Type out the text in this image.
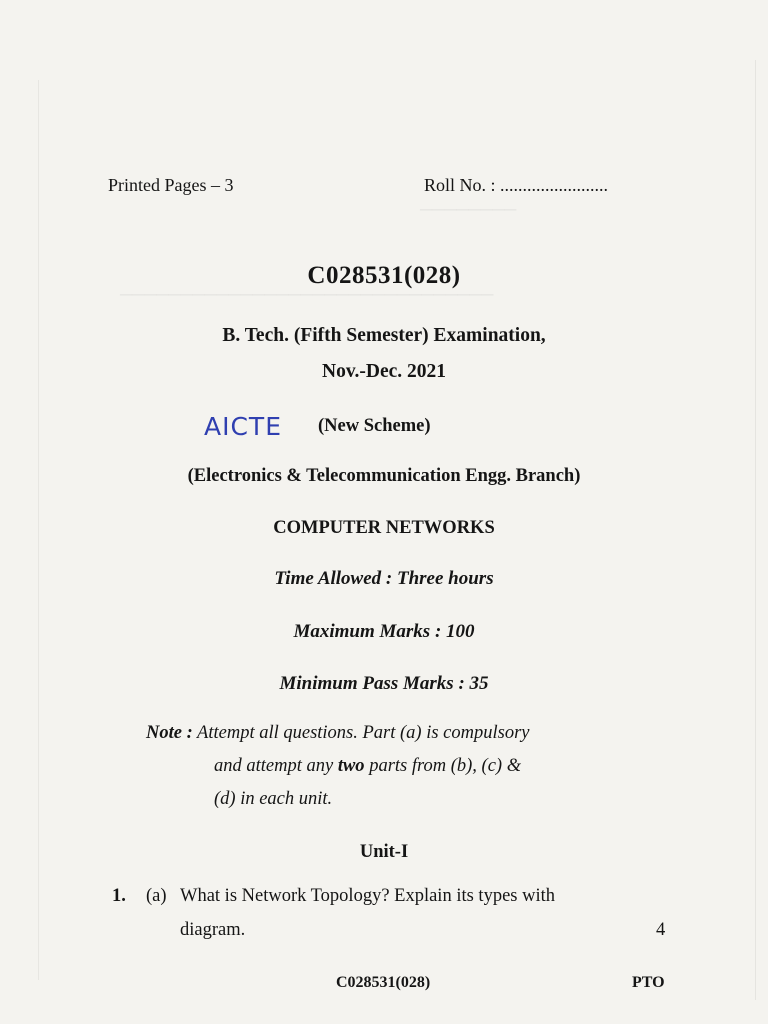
────────
───────────────────────────────
Printed Pages – 3	Roll No. : ........................
C028531(028)
B. Tech. (Fifth Semester) Examination,
Nov.-Dec. 2021
AICTE (New Scheme)
(Electronics & Telecommunication Engg. Branch)
COMPUTER NETWORKS
Time Allowed : Three hours
Maximum Marks : 100
Minimum Pass Marks : 35
Note : Attempt all questions. Part (a) is compulsory
and attempt any two parts from (b), (c) &
(d) in each unit.
Unit-I
1. (a) What is Network Topology? Explain its types with
diagram.	4
C028531(028)	PTO
